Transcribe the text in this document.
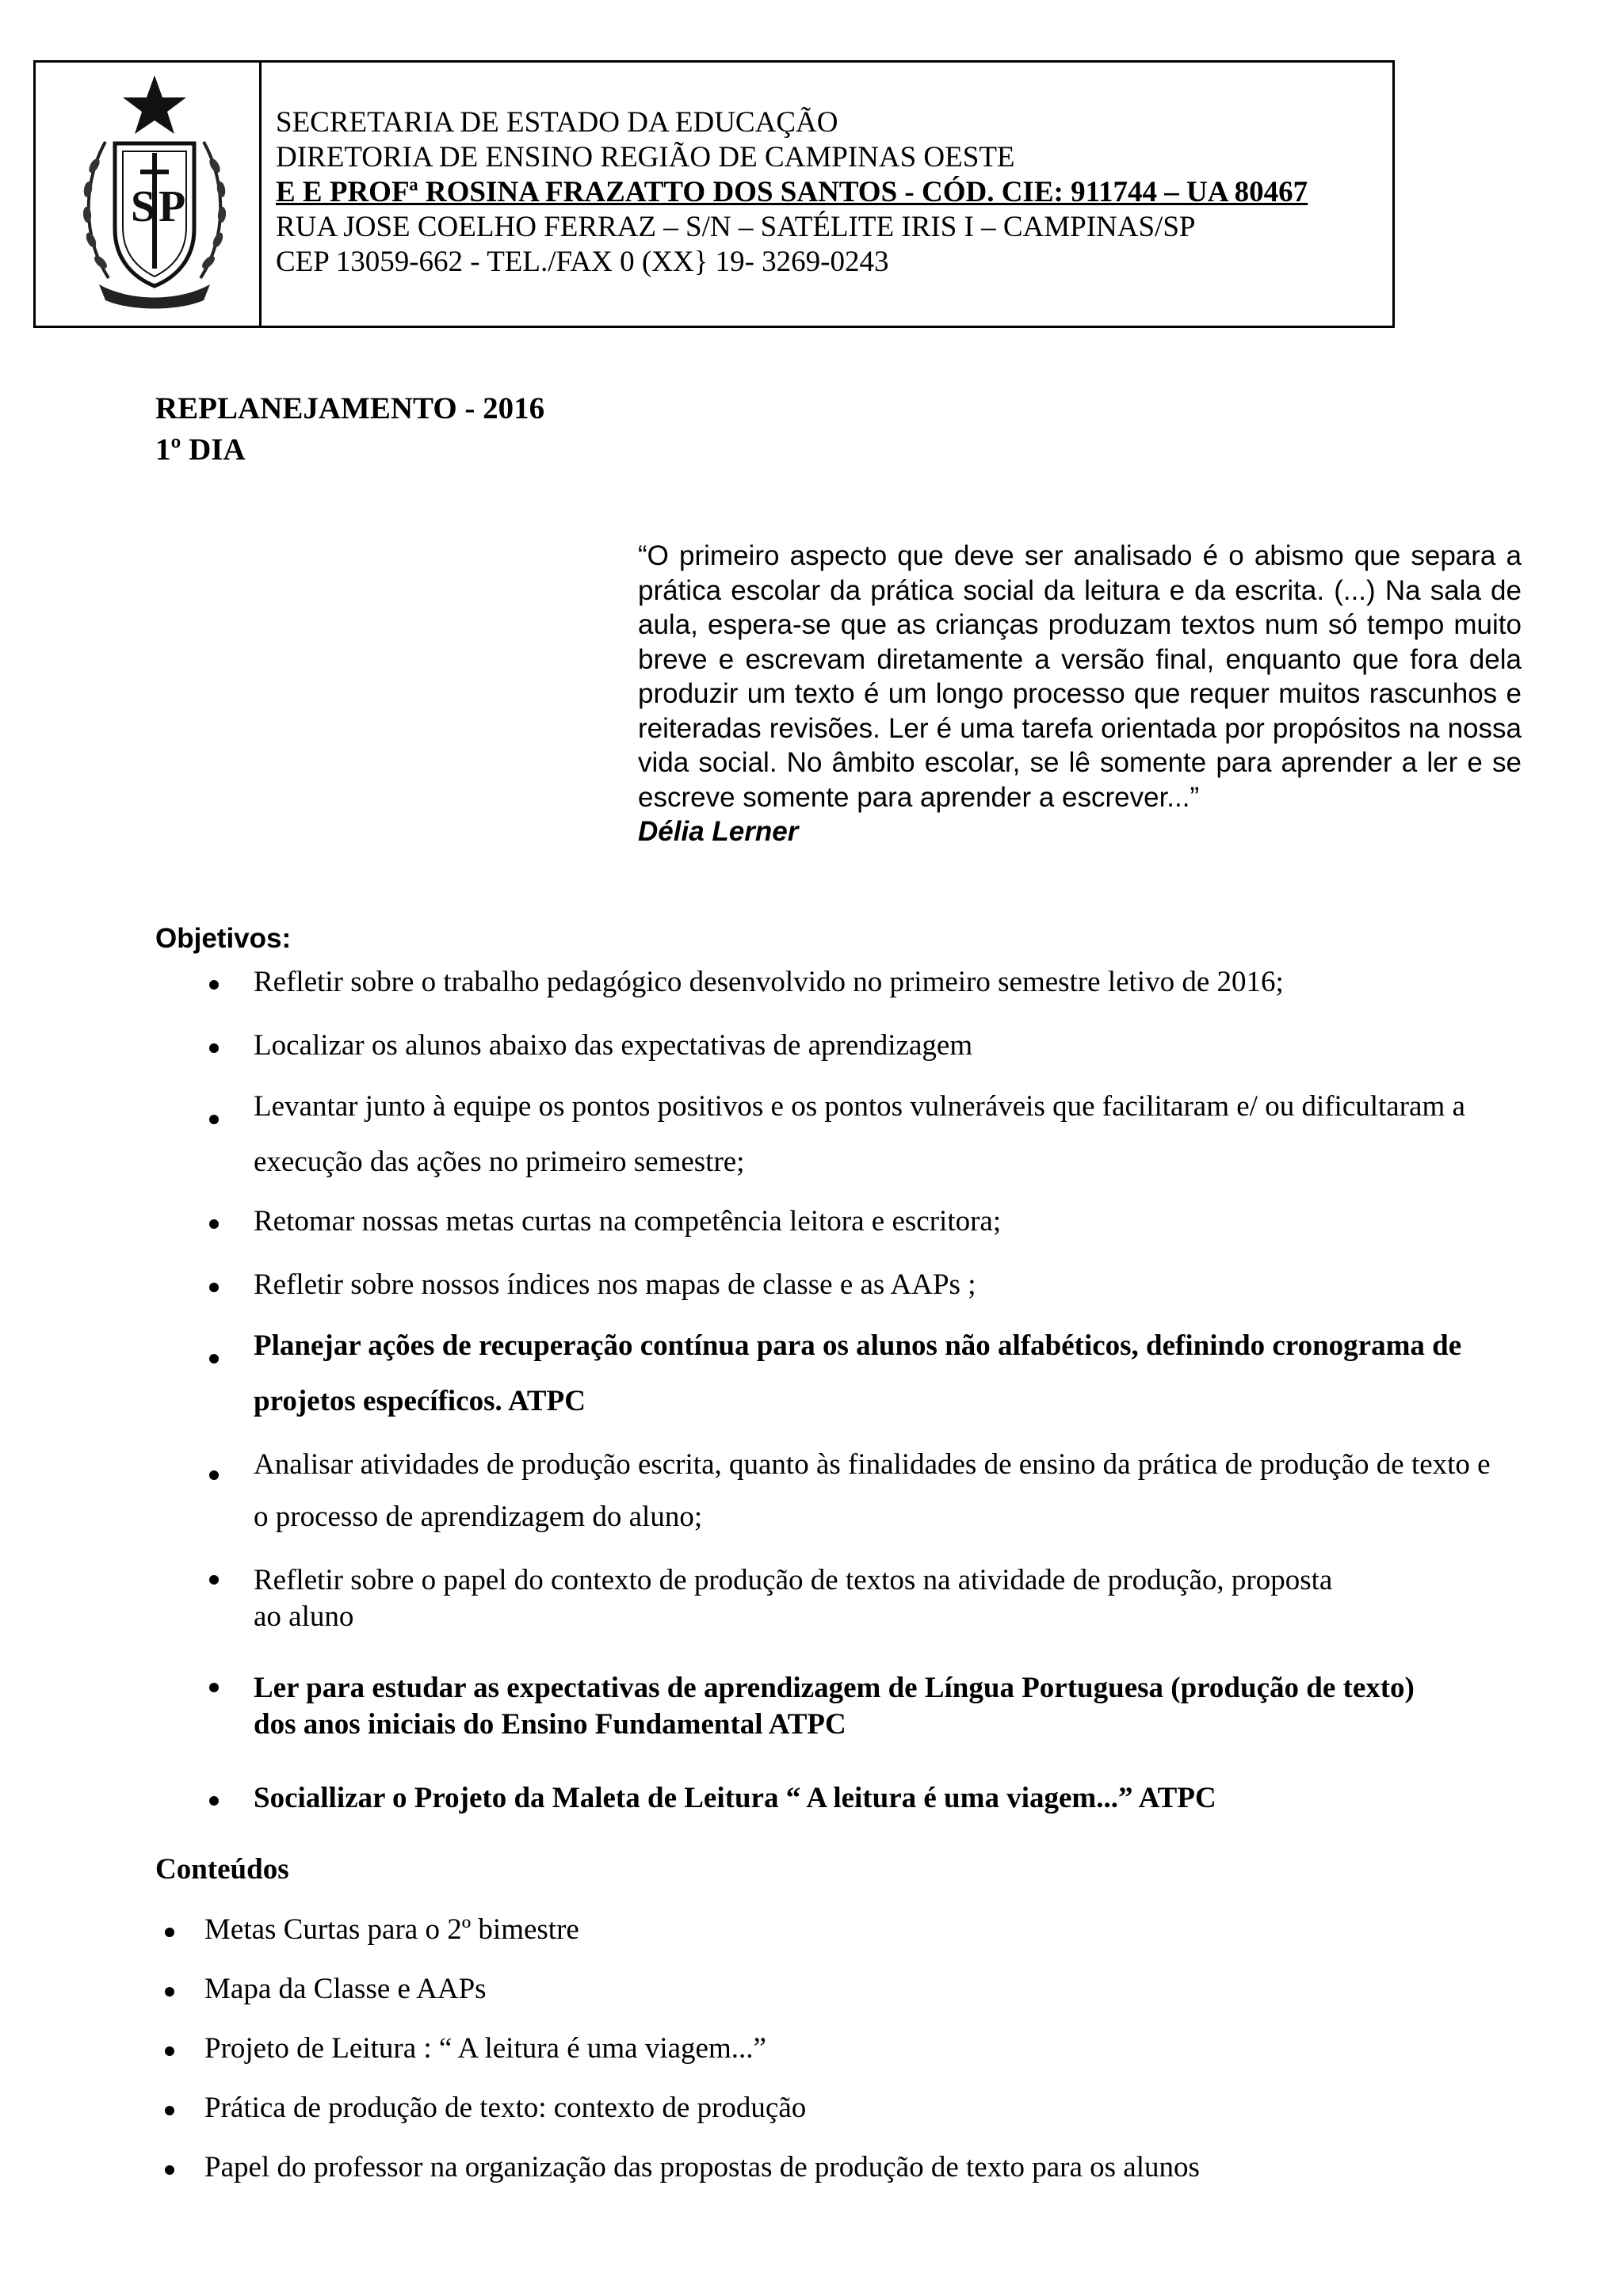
S P
SECRETARIA DE ESTADO DA EDUCAÇÃO
DIRETORIA DE ENSINO REGIÃO DE CAMPINAS OESTE
E E PROFª ROSINA FRAZATTO DOS SANTOS - CÓD. CIE: 911744 – UA 80467
RUA JOSE COELHO FERRAZ – S/N – SATÉLITE IRIS I – CAMPINAS/SP
CEP 13059-662 - TEL./FAX 0 (XX} 19- 3269-0243
REPLANEJAMENTO - 2016
1º DIA
“O primeiro aspecto que deve ser analisado é o abismo que separa a prática escolar da prática social da leitura e da escrita. (...) Na sala de aula, espera-se que as crianças produzam textos num só tempo muito breve e escrevam diretamente a versão final, enquanto que fora dela produzir um texto é um longo processo que requer muitos rascunhos e reiteradas revisões. Ler é uma tarefa orientada por propósitos na nossa vida social. No âmbito escolar, se lê somente para aprender a ler e se escreve somente para aprender a escrever...”
Délia Lerner
Objetivos:
Refletir sobre o trabalho pedagógico desenvolvido no primeiro semestre letivo de 2016;
Localizar os alunos abaixo das expectativas de aprendizagem
Levantar junto à equipe os pontos positivos e os pontos vulneráveis que facilitaram e/ ou dificultaram a
execução das ações no primeiro semestre;
Retomar nossas metas curtas na competência leitora e escritora;
Refletir sobre nossos índices nos mapas de classe e as AAPs ;
Planejar ações de recuperação contínua para os alunos não alfabéticos, definindo cronograma de
projetos específicos. ATPC
Analisar atividades de produção escrita, quanto às finalidades de ensino da prática de produção de texto e
o processo de aprendizagem do aluno;
Refletir sobre o papel do contexto de produção de textos na atividade de produção, proposta
ao aluno
Ler para estudar as expectativas de aprendizagem de Língua Portuguesa (produção de texto)
dos anos iniciais do Ensino Fundamental ATPC
Sociallizar o Projeto da Maleta de Leitura “ A leitura é uma viagem...” ATPC
Conteúdos
Metas Curtas para o 2º bimestre
Mapa da Classe e AAPs
Projeto de Leitura : “ A leitura é uma viagem...”
Prática de produção de texto: contexto de produção
Papel do professor na organização das propostas de produção de texto para os alunos
